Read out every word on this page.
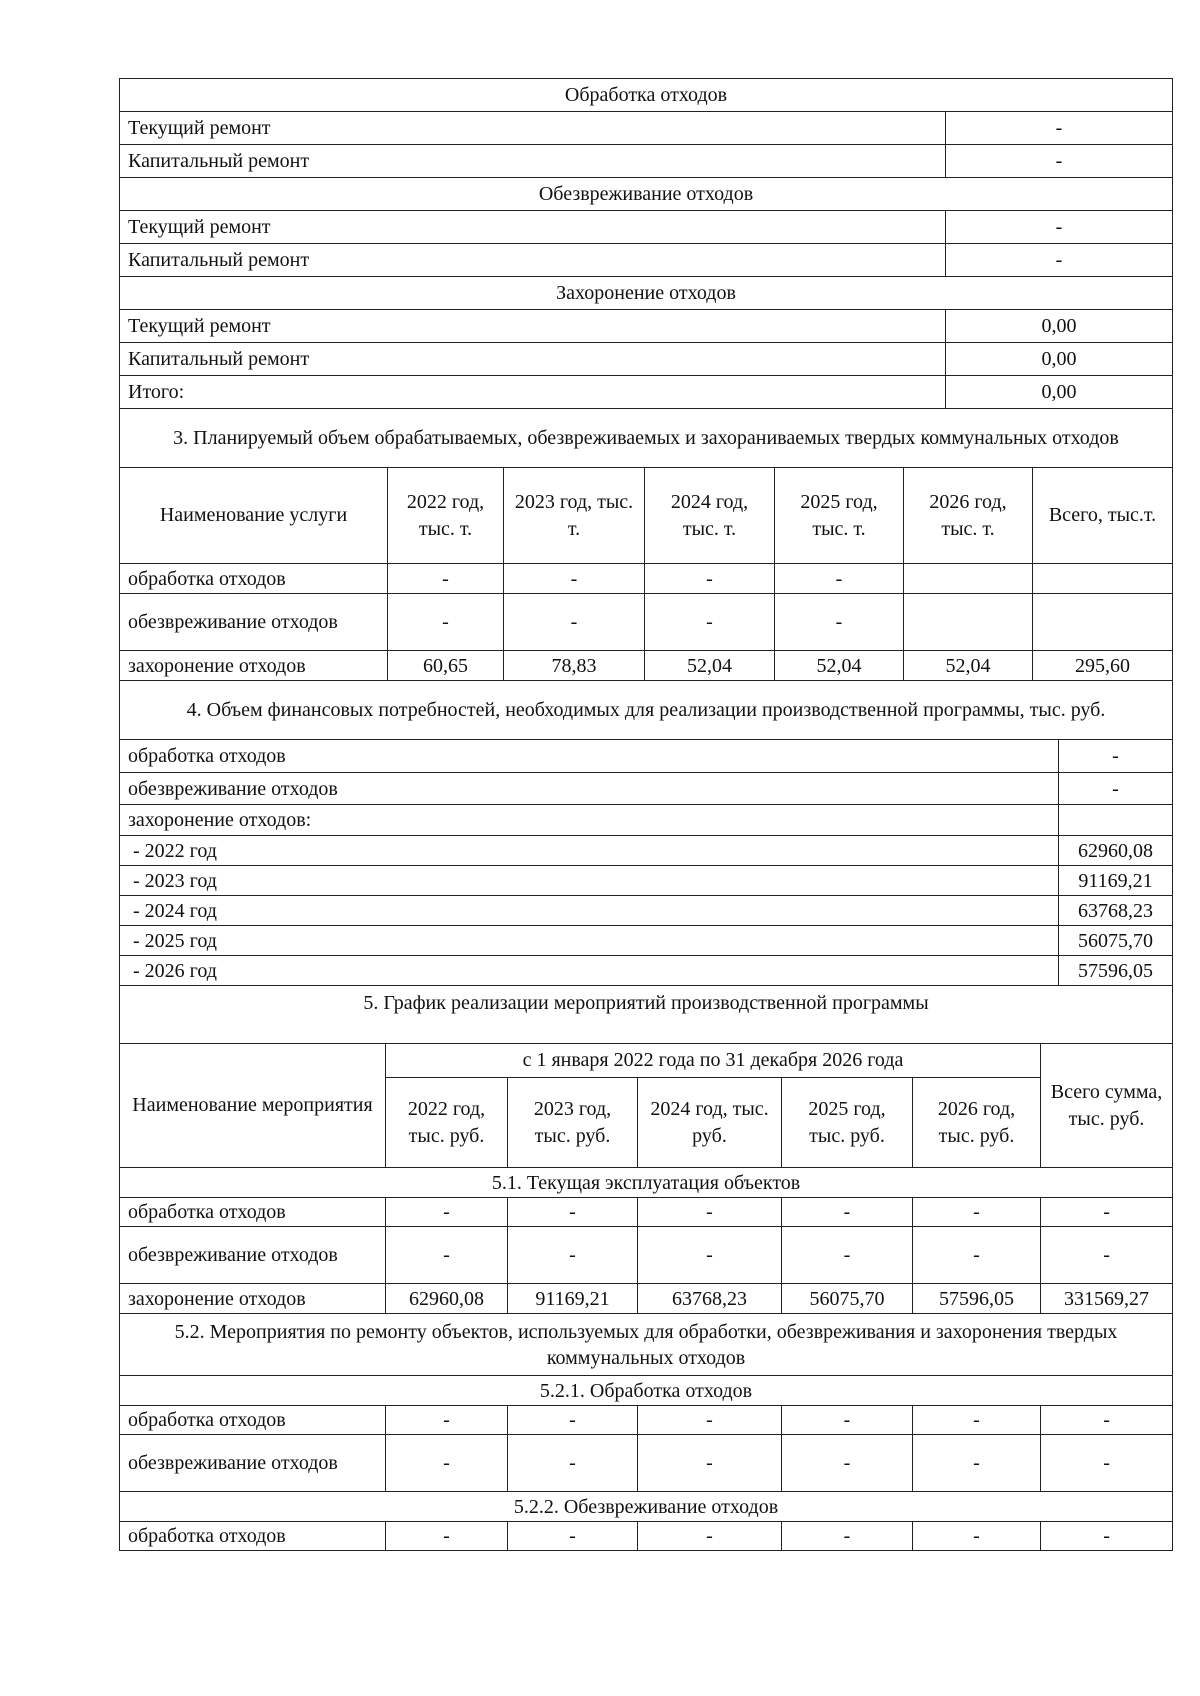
Обработка отходов	
Текущий ремонт	-
Капитальный ремонт	-
Обезвреживание отходов	
Текущий ремонт	-
Капитальный ремонт	-
Захоронение отходов	
Текущий ремонт	0,00
Капитальный ремонт	0,00
Итого:	0,00
3. Планируемый объем обрабатываемых, обезвреживаемых и захораниваемых твердых коммунальных отходов						
Наименование услуги	2022 год, тыс. т.	2023 год, тыс. т.	2024 год, тыс. т.	2025 год, тыс. т.	2026 год, тыс. т.	Всего, тыс.т.
обработка отходов	-	-	-	-		
обезвреживание отходов	-	-	-	-		
захоронение отходов	60,65	78,83	52,04	52,04	52,04	295,60
4. Объем финансовых потребностей, необходимых для реализации производственной программы, тыс. руб.	
обработка отходов	-
обезвреживание отходов	-
захоронение отходов:	
- 2022 год	62960,08
- 2023 год	91169,21
- 2024 год	63768,23
- 2025 год	56075,70
- 2026 год	57596,05
5. График реализации мероприятий производственной программы						
Наименование мероприятия	с 1 января 2022 года по 31 декабря 2026 года					Всего сумма, тыс. руб.
	2022 год, тыс. руб.	2023 год, тыс. руб.	2024 год, тыс. руб.	2025 год, тыс. руб.	2026 год, тыс. руб.	
5.1. Текущая эксплуатация объектов						
обработка отходов	-	-	-	-	-	-
обезвреживание отходов	-	-	-	-	-	-
захоронение отходов	62960,08	91169,21	63768,23	56075,70	57596,05	331569,27
5.2. Мероприятия по ремонту объектов, используемых для обработки, обезвреживания и захоронения твердых коммунальных отходов						
5.2.1. Обработка отходов						
обработка отходов	-	-	-	-	-	-
обезвреживание отходов	-	-	-	-	-	-
5.2.2. Обезвреживание отходов						
обработка отходов	-	-	-	-	-	-
